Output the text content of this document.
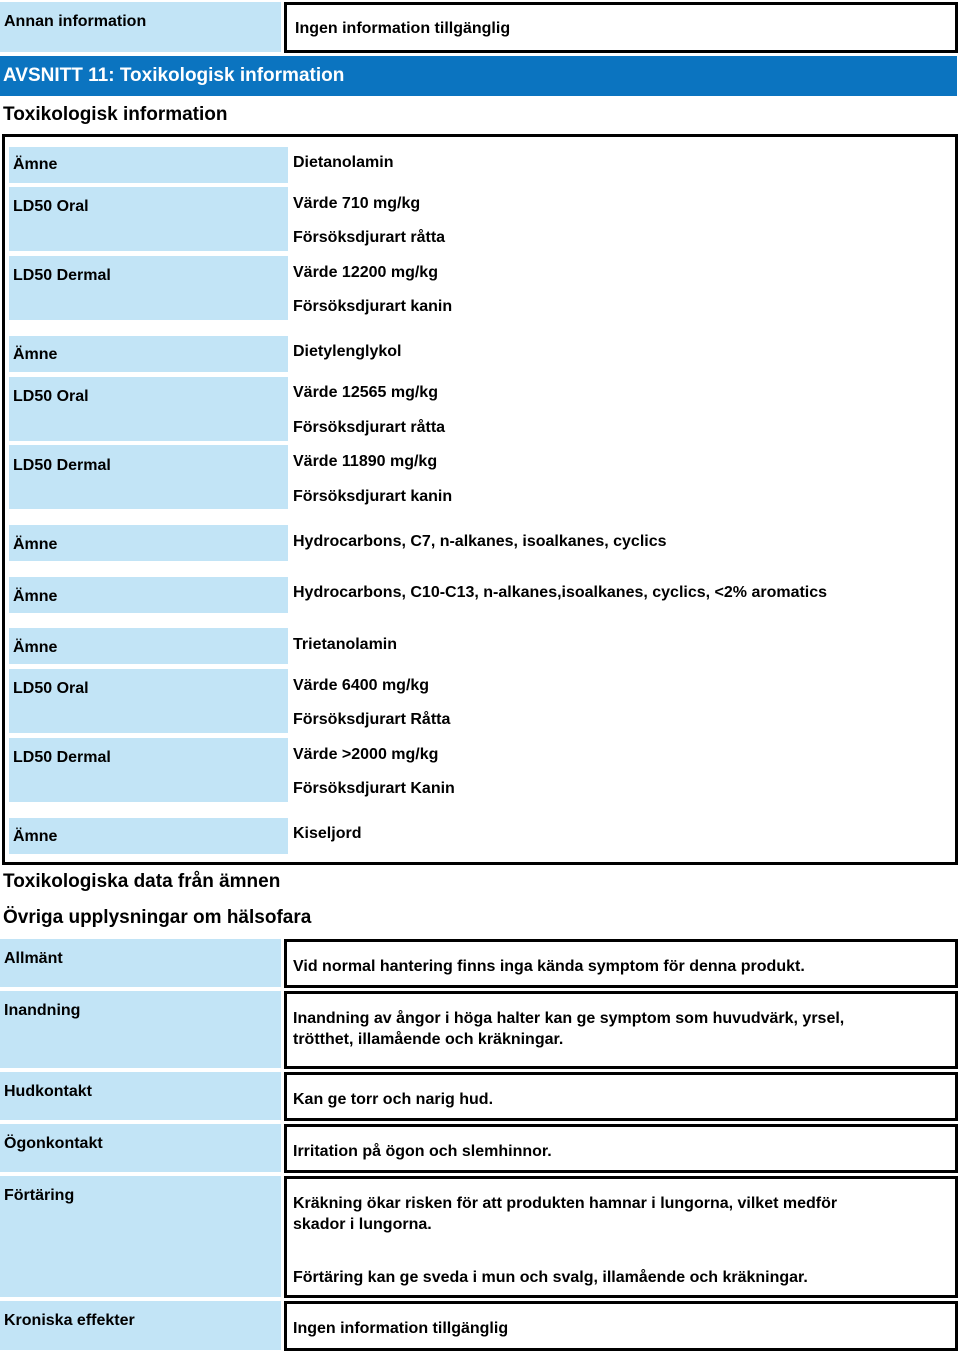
Annan information	Ingen information tillgänglig
AVSNITT 11: Toxikologisk information
Toxikologisk information
Ämne	Dietanolamin
LD50 Oral	Värde 710 mg/kg
Försöksdjurart råtta
LD50 Dermal	Värde 12200 mg/kg
Försöksdjurart kanin
Ämne	Dietylenglykol
LD50 Oral	Värde 12565 mg/kg
Försöksdjurart råtta
LD50 Dermal	Värde 11890 mg/kg
Försöksdjurart kanin
Ämne	Hydrocarbons, C7, n-alkanes, isoalkanes, cyclics
Ämne	Hydrocarbons, C10-C13, n-alkanes,isoalkanes, cyclics, <2% aromatics
Ämne	Trietanolamin
LD50 Oral	Värde 6400 mg/kg
Försöksdjurart Råtta
LD50 Dermal	Värde >2000 mg/kg
Försöksdjurart Kanin
Ämne	Kiseljord
Toxikologiska data från ämnen
Övriga upplysningar om hälsofara
Allmänt	Vid normal hantering finns inga kända symptom för denna produkt.
Inandning	Inandning av ångor i höga halter kan ge symptom som huvudvärk, yrsel,
trötthet, illamående och kräkningar.
Hudkontakt	Kan ge torr och narig hud.
Ögonkontakt	Irritation på ögon och slemhinnor.
Förtäring	Kräkning ökar risken för att produkten hamnar i lungorna, vilket medför
skador i lungorna.
Förtäring kan ge sveda i mun och svalg, illamående och kräkningar.
Kroniska effekter	Ingen information tillgänglig
